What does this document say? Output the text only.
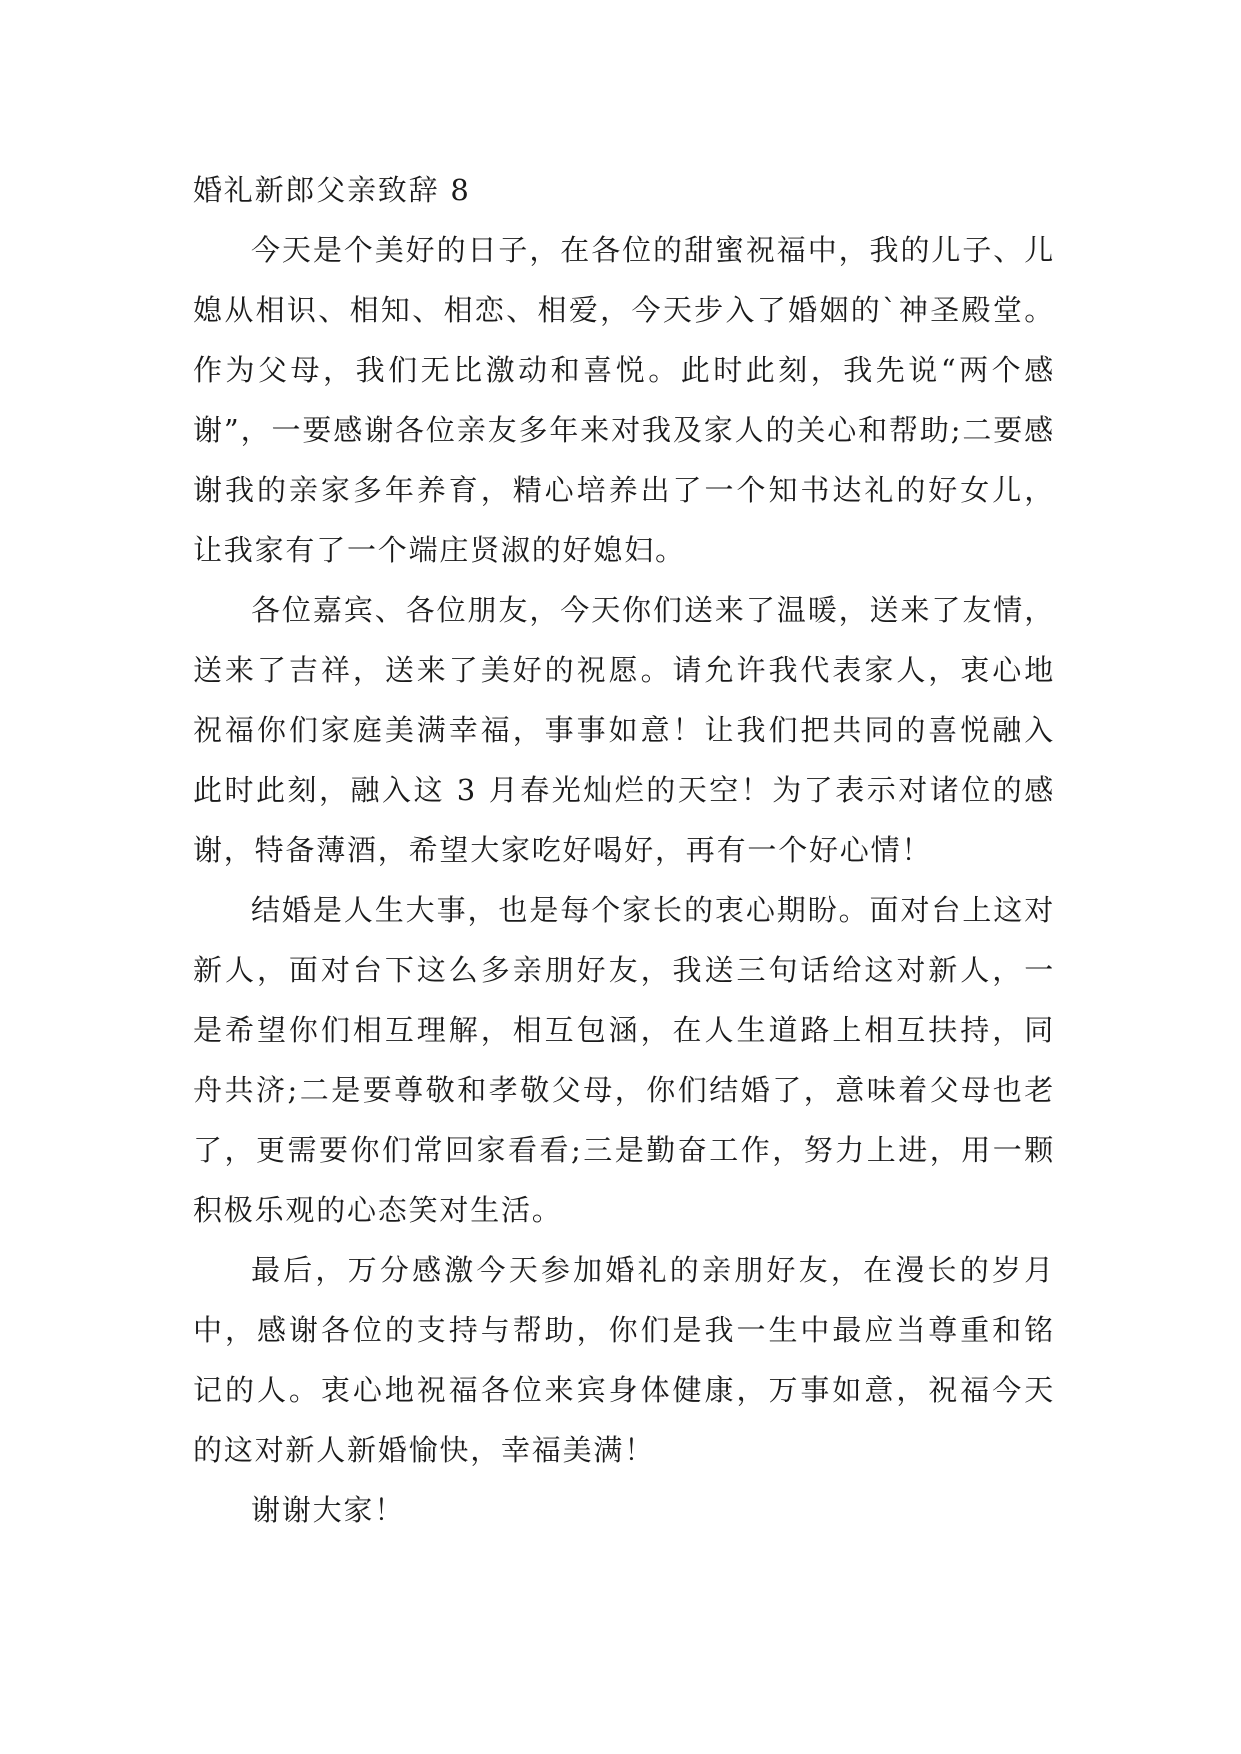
婚礼新郎父亲致辞 8

今天是个美好的日子，在各位的甜蜜祝福中，我的儿子、儿媳从相识、相知、相恋、相爱，今天步入了婚姻的`神圣殿堂。作为父母，我们无比激动和喜悦。此时此刻，我先说“两个感谢”，一要感谢各位亲友多年来对我及家人的关心和帮助;二要感谢我的亲家多年养育，精心培养出了一个知书达礼的好女儿，让我家有了一个端庄贤淑的好媳妇。

各位嘉宾、各位朋友，今天你们送来了温暖，送来了友情，送来了吉祥，送来了美好的祝愿。请允许我代表家人，衷心地祝福你们家庭美满幸福，事事如意！让我们把共同的喜悦融入此时此刻，融入这 3 月春光灿烂的天空！为了表示对诸位的感谢，特备薄酒，希望大家吃好喝好，再有一个好心情！

结婚是人生大事，也是每个家长的衷心期盼。面对台上这对新人，面对台下这么多亲朋好友，我送三句话给这对新人，一是希望你们相互理解，相互包涵，在人生道路上相互扶持，同舟共济;二是要尊敬和孝敬父母，你们结婚了，意味着父母也老了，更需要你们常回家看看;三是勤奋工作，努力上进，用一颗积极乐观的心态笑对生活。

最后，万分感激今天参加婚礼的亲朋好友，在漫长的岁月中，感谢各位的支持与帮助，你们是我一生中最应当尊重和铭记的人。衷心地祝福各位来宾身体健康，万事如意，祝福今天的这对新人新婚愉快，幸福美满！

谢谢大家！
